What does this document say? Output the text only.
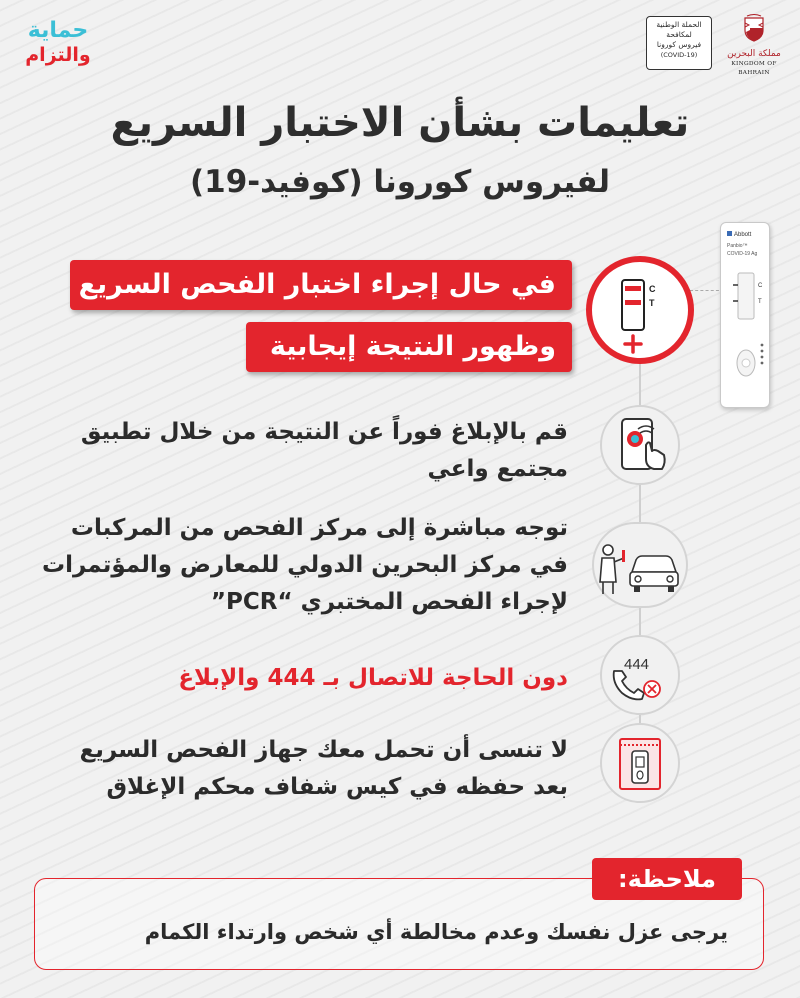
حماية
والتزام
الحملة الوطنية
لمكافحة
فيروس كورونا
(COVID-19)	مملكة البحرين
KINGDOM OF BAHRAIN
تعليمات بشأن الاختبار السريع
لفيروس كورونا (كوفيد-19)
في حال إجراء اختبار الفحص السريع
وظهور النتيجة إيجابية
Abbott
Panbio™
COVID-19 Ag
C
T
C
T
444
قم بالإبلاغ فوراً عن النتيجة من خلال تطبيق
مجتمع واعي
توجه مباشرة إلى مركز الفحص من المركبات
في مركز البحرين الدولي للمعارض والمؤتمرات
لإجراء الفحص المختبري “PCR”
دون الحاجة للاتصال بـ 444 والإبلاغ
لا تنسى أن تحمل معك جهاز الفحص السريع
بعد حفظه في كيس شفاف محكم الإغلاق
ملاحظة:
يرجى عزل نفسك وعدم مخالطة أي شخص وارتداء الكمام
